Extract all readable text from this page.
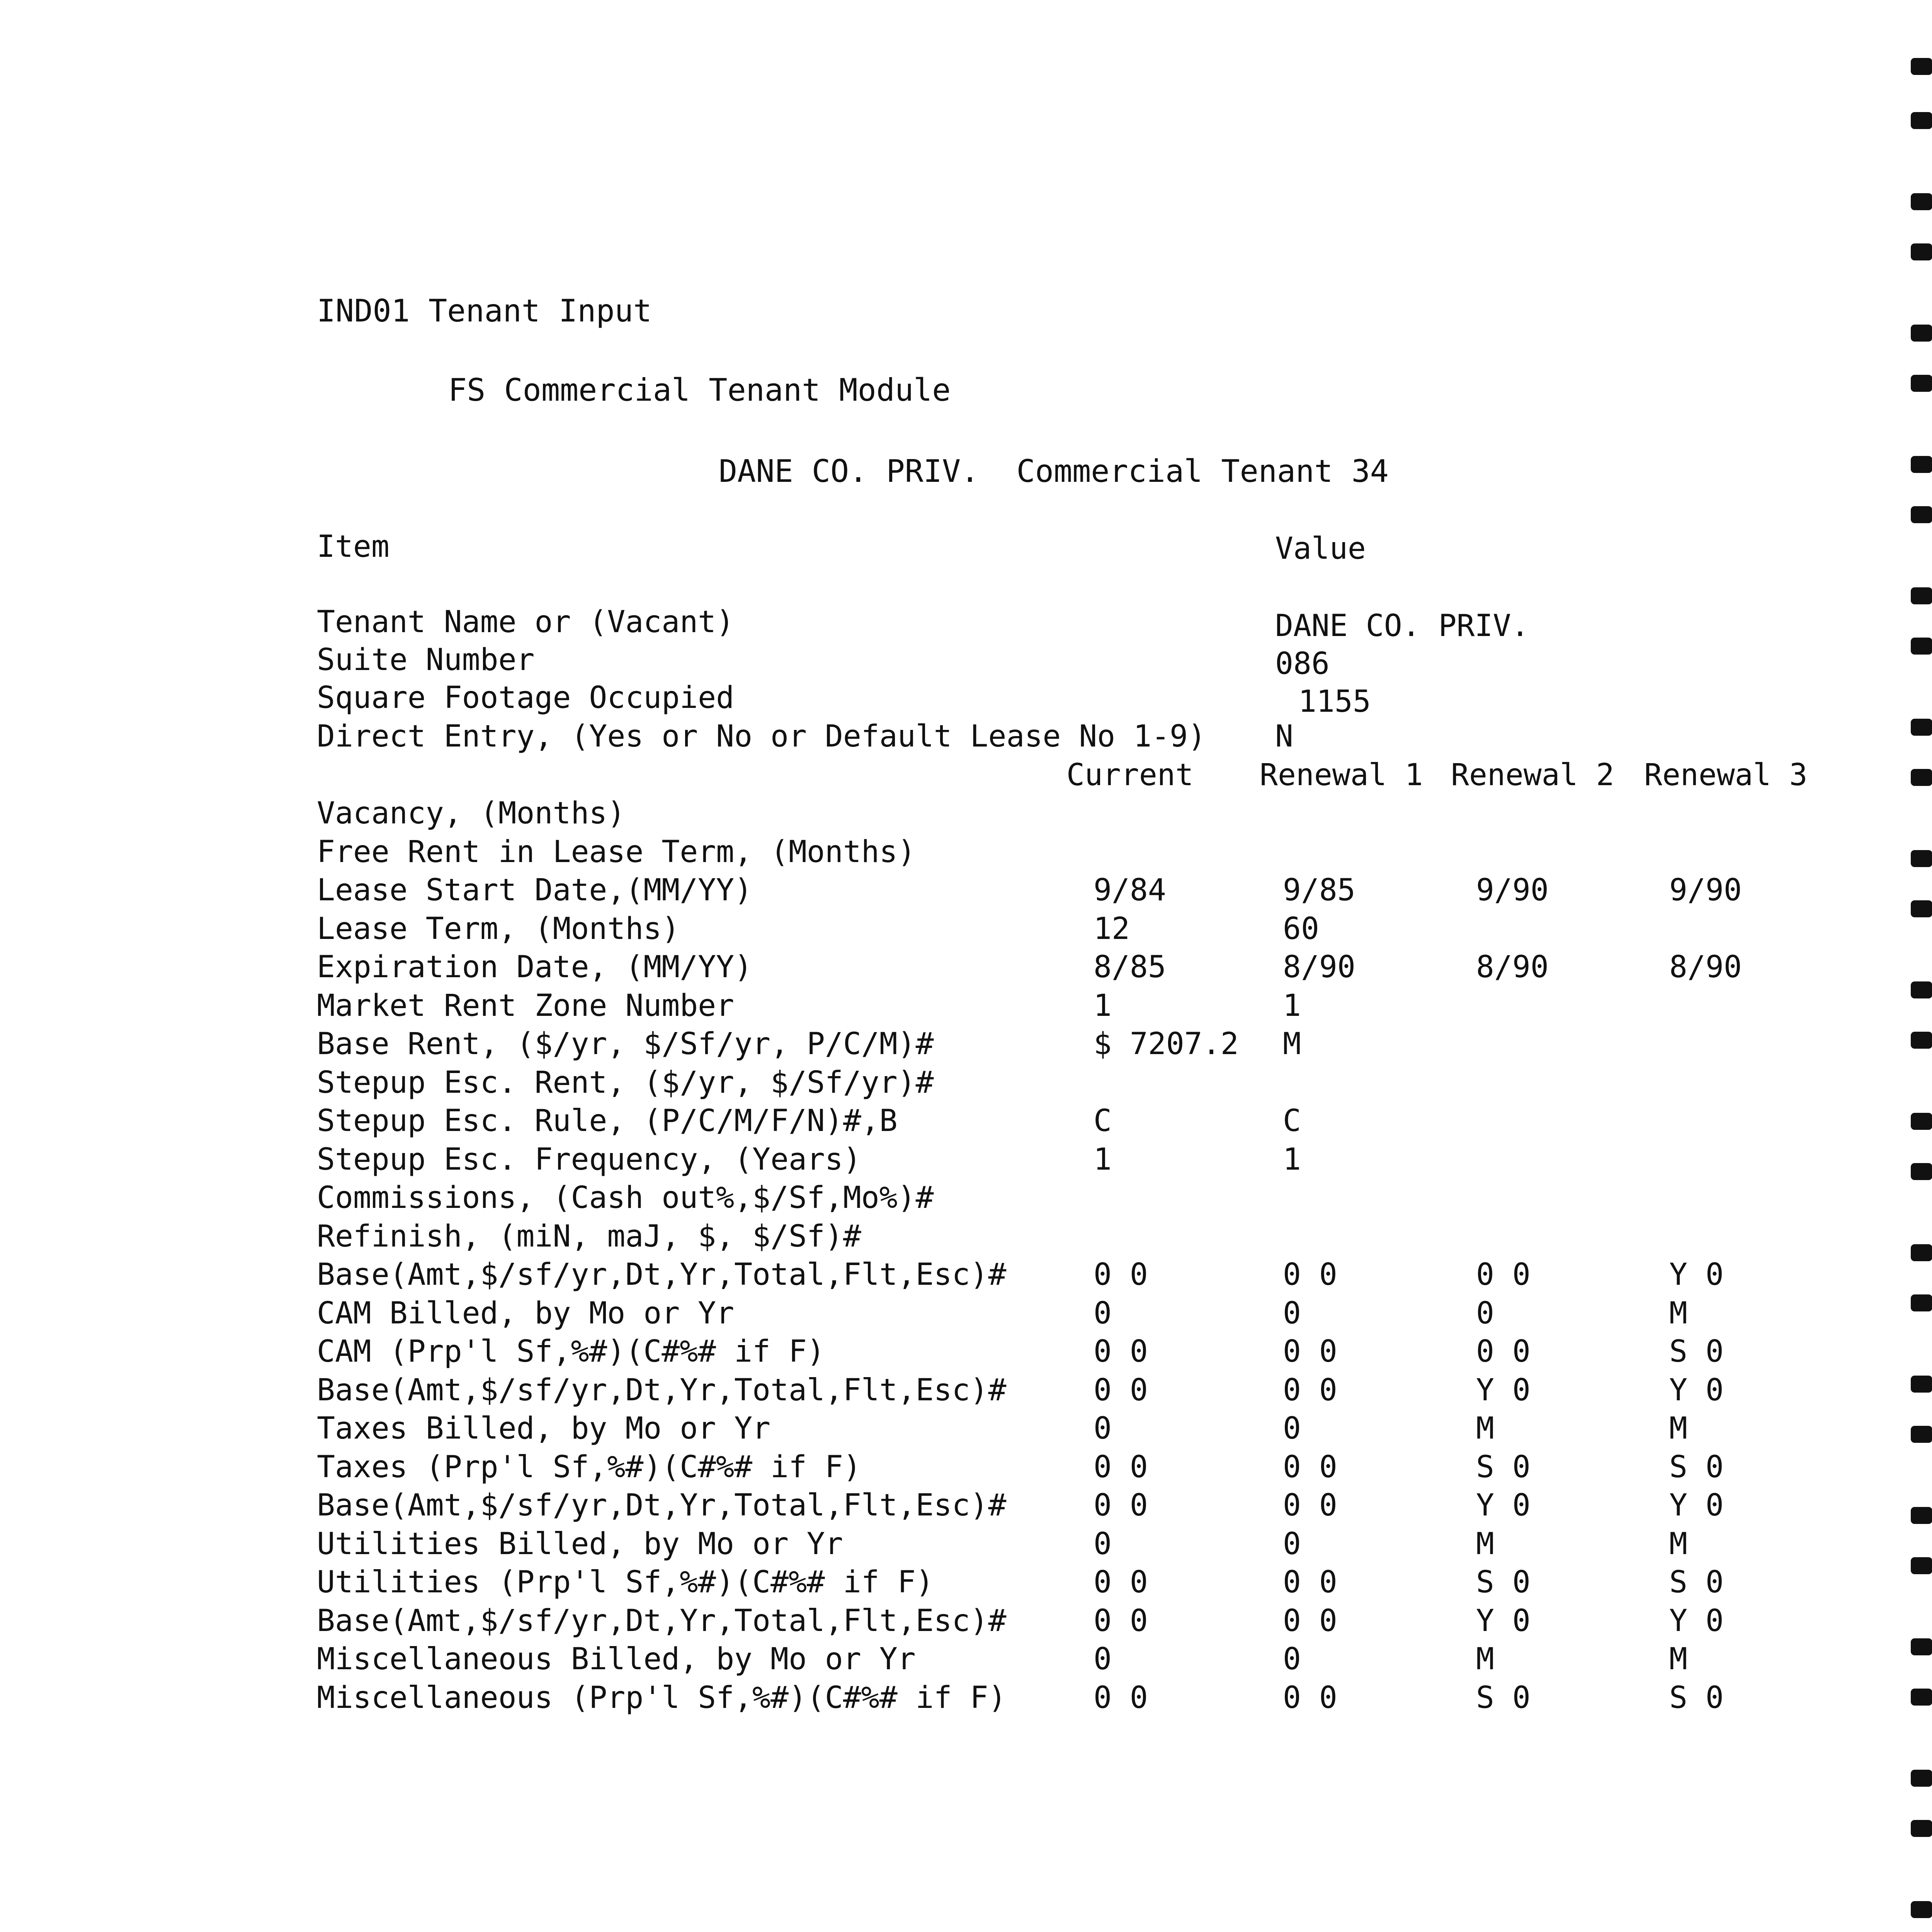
IND01 Tenant Input
FS Commercial Tenant Module
DANE CO. PRIV.  Commercial Tenant 34
Item	Value
Tenant Name or (Vacant)	DANE CO. PRIV.
Suite Number	086
Square Footage Occupied	1155
Direct Entry, (Yes or No or Default Lease No 1-9) N
Current Renewal 1 Renewal 2 Renewal 3
Vacancy, (Months)
Free Rent in Lease Term, (Months)
Lease Start Date,(MM/YY)	9/84	9/85	9/90	9/90
Lease Term, (Months)	12	60
Expiration Date, (MM/YY)	8/85	8/90	8/90	8/90
Market Rent Zone Number	1	1
Base Rent, ($/yr, $/Sf/yr, P/C/M)#	$ 7207.2 M
Stepup Esc. Rent, ($/yr, $/Sf/yr)#
Stepup Esc. Rule, (P/C/M/F/N)#,B	C	C
Stepup Esc. Frequency, (Years)	1	1
Commissions, (Cash out%,$/Sf,Mo%)#
Refinish, (miN, maJ, $, $/Sf)#
Base(Amt,$/sf/yr,Dt,Yr,Total,Flt,Esc)#	0 0	0 0	0 0	Y 0
CAM Billed, by Mo or Yr	0	0	0	M
CAM (Prp'l Sf,%#)(C#%# if F)	0 0	0 0	0 0	S 0
Base(Amt,$/sf/yr,Dt,Yr,Total,Flt,Esc)#	0 0	0 0	Y 0	Y 0
Taxes Billed, by Mo or Yr	0	0	M	M
Taxes (Prp'l Sf,%#)(C#%# if F)	0 0	0 0	S 0	S 0
Base(Amt,$/sf/yr,Dt,Yr,Total,Flt,Esc)#	0 0	0 0	Y 0	Y 0
Utilities Billed, by Mo or Yr	0	0	M	M
Utilities (Prp'l Sf,%#)(C#%# if F)	0 0	0 0	S 0	S 0
Base(Amt,$/sf/yr,Dt,Yr,Total,Flt,Esc)#	0 0	0 0	Y 0	Y 0
Miscellaneous Billed, by Mo or Yr	0	0	M	M
Miscellaneous (Prp'l Sf,%#)(C#%# if F)	0 0	0 0	S 0	S 0
